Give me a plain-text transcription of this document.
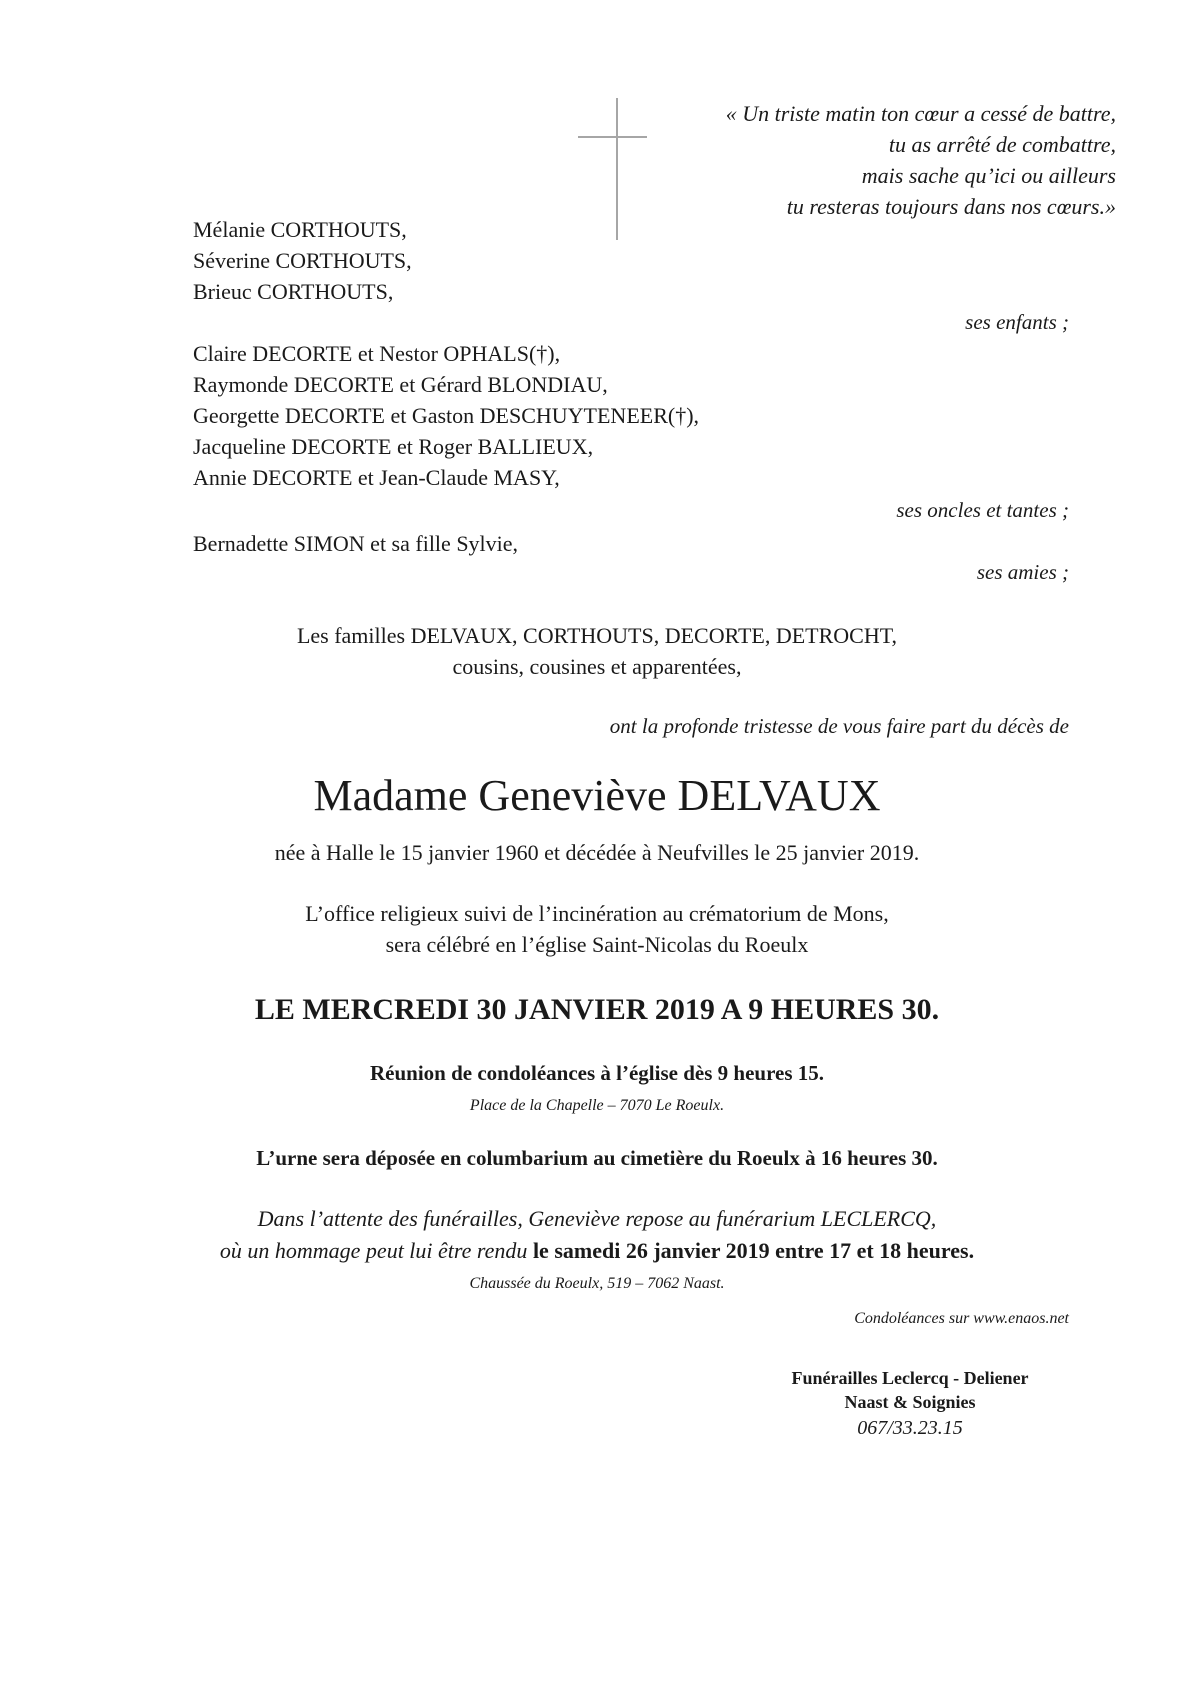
« Un triste matin ton cœur a cessé de battre,
tu as arrêté de combattre,
mais sache qu’ici ou ailleurs
tu resteras toujours dans nos cœurs.»
Mélanie CORTHOUTS,
Séverine CORTHOUTS,
Brieuc CORTHOUTS,
ses enfants ;
Claire DECORTE et Nestor OPHALS(†),
Raymonde DECORTE et Gérard BLONDIAU,
Georgette DECORTE et Gaston DESCHUYTENEER(†),
Jacqueline DECORTE et Roger BALLIEUX,
Annie DECORTE et Jean-Claude MASY,
ses oncles et tantes ;
Bernadette SIMON et sa fille Sylvie,
ses amies ;
Les familles DELVAUX, CORTHOUTS, DECORTE, DETROCHT,
cousins, cousines et apparentées,
ont la profonde tristesse de vous faire part du décès de
Madame Geneviève DELVAUX
née à Halle le 15 janvier 1960 et décédée à Neufvilles le 25 janvier 2019.
L’office religieux suivi de l’incinération au crématorium de Mons,
sera célébré en l’église Saint-Nicolas du Roeulx
LE MERCREDI 30 JANVIER 2019 A 9 HEURES 30.
Réunion de condoléances à l’église dès 9 heures 15.
Place de la Chapelle – 7070 Le Roeulx.
L’urne sera déposée en columbarium au cimetière du Roeulx à 16 heures 30.
Dans l’attente des funérailles, Geneviève repose au funérarium LECLERCQ,
où un hommage peut lui être rendu le samedi 26 janvier 2019 entre 17 et 18 heures.
Chaussée du Roeulx, 519 – 7062 Naast.
Condoléances sur www.enaos.net
Funérailles Leclercq - Deliener
Naast & Soignies
067/33.23.15
